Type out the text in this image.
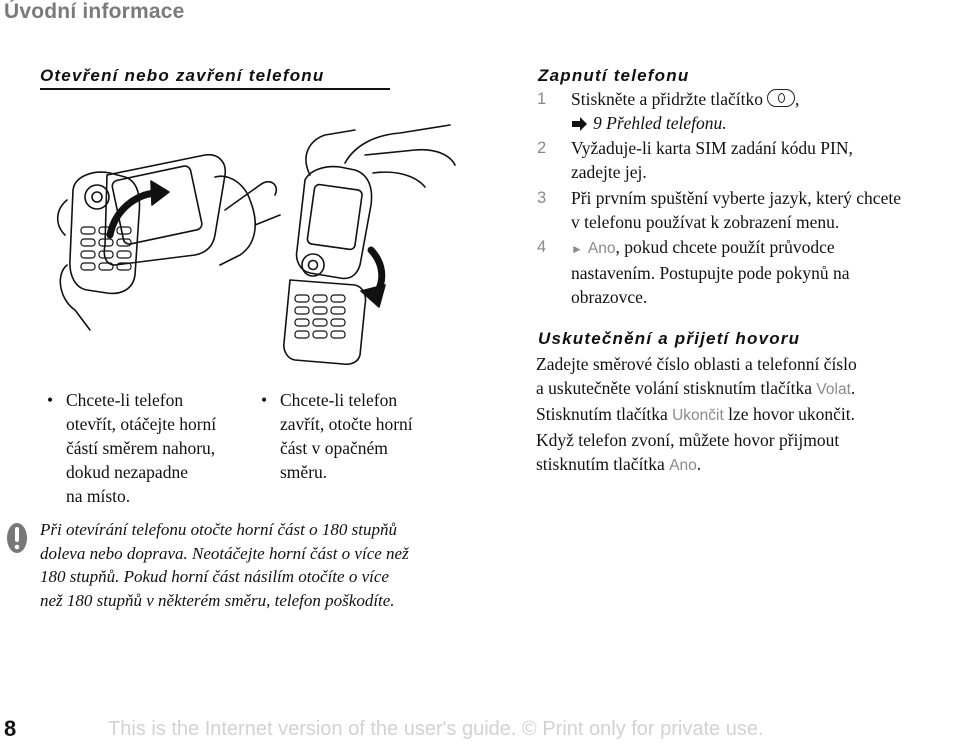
Úvodní informace
Otevření nebo zavření telefonu
• Chcete-li telefon
otevřít, otáčejte horní
částí směrem nahoru,
dokud nezapadne
na místo.
• Chcete-li telefon
zavřít, otočte horní
část v opačném
směru.
Při otevírání telefonu otočte horní část o 180 stupňů
doleva nebo doprava. Neotáčejte horní část o více než
180 stupňů. Pokud horní část násilím otočíte o více
než 180 stupňů v některém směru, telefon poškodíte.
Zapnutí telefonu
1	Stiskněte a přidržte tlačítko ,
9 Přehled telefonu.
2	Vyžaduje-li karta SIM zadání kódu PIN,
zadejte jej.
3	Při prvním spuštění vyberte jazyk, který chcete
v telefonu používat k zobrazení menu.
4	► Ano, pokud chcete použít průvodce
nastavením. Postupujte pode pokynů na
obrazovce.
Uskutečnění a přijetí hovoru
Zadejte směrové číslo oblasti a telefonní číslo
a uskutečněte volání stisknutím tlačítka Volat.
Stisknutím tlačítka Ukončit lze hovor ukončit.
Když telefon zvoní, můžete hovor přijmout
stisknutím tlačítka Ano.
8	This is the Internet version of the user's guide. © Print only for private use.
